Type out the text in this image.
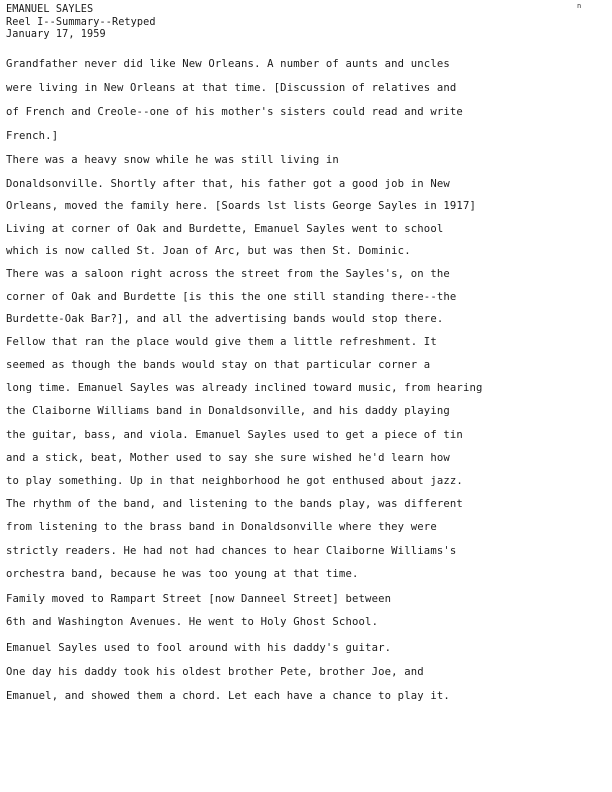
EMANUEL SAYLES
Reel I--Summary--Retyped
January 17, 1959
n
Grandfather never did like New Orleans. A number of aunts and uncles
were living in New Orleans at that time. [Discussion of relatives and
of French and Creole--one of his mother's sisters could read and write
French.]
There was a heavy snow while he was still living in
Donaldsonville. Shortly after that, his father got a good job in New
Orleans, moved the family here. [Soards lst lists George Sayles in 1917]
Living at corner of Oak and Burdette, Emanuel Sayles went to school
which is now called St. Joan of Arc, but was then St. Dominic.
There was a saloon right across the street from the Sayles's, on the
corner of Oak and Burdette [is this the one still standing there--the
Burdette-Oak Bar?], and all the advertising bands would stop there.
Fellow that ran the place would give them a little refreshment. It
seemed as though the bands would stay on that particular corner a
long time. Emanuel Sayles was already inclined toward music, from hearing
the Claiborne Williams band in Donaldsonville, and his daddy playing
the guitar, bass, and viola. Emanuel Sayles used to get a piece of tin
and a stick, beat, Mother used to say she sure wished he'd learn how
to play something. Up in that neighborhood he got enthused about jazz.
The rhythm of the band, and listening to the bands play, was different
from listening to the brass band in Donaldsonville where they were
strictly readers. He had not had chances to hear Claiborne Williams's
orchestra band, because he was too young at that time.
Family moved to Rampart Street [now Danneel Street] between
6th and Washington Avenues. He went to Holy Ghost School.
Emanuel Sayles used to fool around with his daddy's guitar.
One day his daddy took his oldest brother Pete, brother Joe, and
Emanuel, and showed them a chord. Let each have a chance to play it.
